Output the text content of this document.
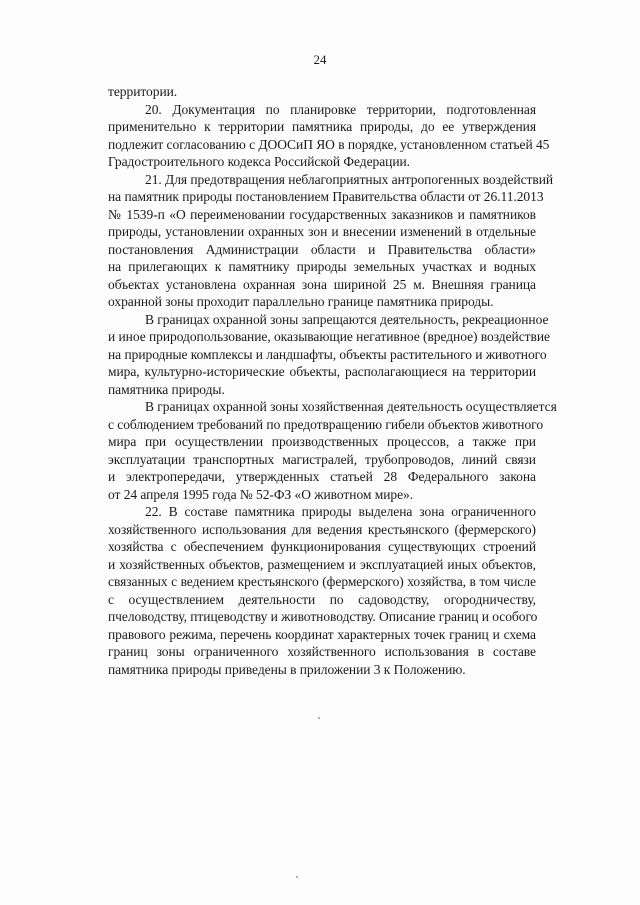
24
территории.
20. Документация по планировке территории, подготовленная
применительно к территории памятника природы, до ее утверждения
подлежит согласованию с ДООСиП ЯО в порядке, установленном статьей 45
Градостроительного кодекса Российской Федерации.
21. Для предотвращения неблагоприятных антропогенных воздействий
на памятник природы постановлением Правительства области от 26.11.2013
№ 1539-п «О переименовании государственных заказников и памятников
природы, установлении охранных зон и внесении изменений в отдельные
постановления Администрации области и Правительства области»
на прилегающих к памятнику природы земельных участках и водных
объектах установлена охранная зона шириной 25 м. Внешняя граница
охранной зоны проходит параллельно границе памятника природы.
В границах охранной зоны запрещаются деятельность, рекреационное
и иное природопользование, оказывающие негативное (вредное) воздействие
на природные комплексы и ландшафты, объекты растительного и животного
мира, культурно-исторические объекты, располагающиеся на территории
памятника природы.
В границах охранной зоны хозяйственная деятельность осуществляется
с соблюдением требований по предотвращению гибели объектов животного
мира при осуществлении производственных процессов, а также при
эксплуатации транспортных магистралей, трубопроводов, линий связи
и электропередачи, утвержденных статьей 28 Федерального закона
от 24 апреля 1995 года № 52-ФЗ «О животном мире».
22. В составе памятника природы выделена зона ограниченного
хозяйственного использования для ведения крестьянского (фермерского)
хозяйства с обеспечением функционирования существующих строений
и хозяйственных объектов, размещением и эксплуатацией иных объектов,
связанных с ведением крестьянского (фермерского) хозяйства, в том числе
с осуществлением деятельности по садоводству, огородничеству,
пчеловодству, птицеводству и животноводству. Описание границ и особого
правового режима, перечень координат характерных точек границ и схема
границ зоны ограниченного хозяйственного использования в составе
памятника природы приведены в приложении 3 к Положению.
